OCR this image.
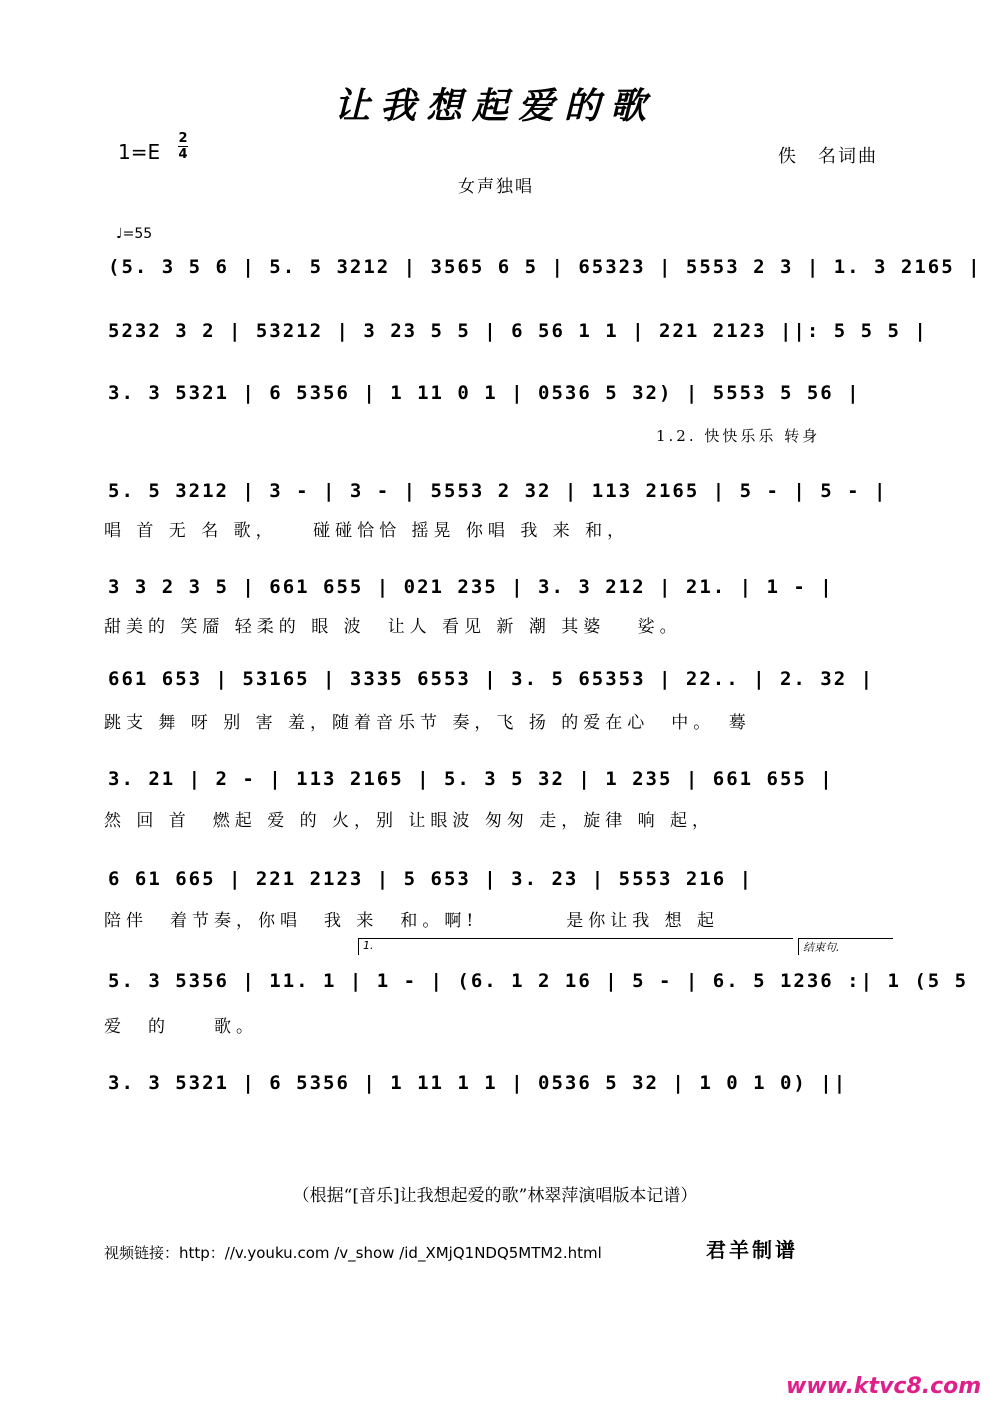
让我想起爱的歌
1=E
2
4	佚　名词曲
女声独唱
♩=55
(5. 3 5 6 | 5. 5 3212 | 3565 6 5 | 65323 | 5553 2 3 | 1. 3 2165 |
5232 3 2 | 53212 | 3 23 5 5 | 6 56 1 1 | 221 2123 ||: 5 5 5 |
3. 3 5321 | 6 5356 | 1 11 0 1 | 0536 5 32) | 5553 5 56 |
1.2. 快快乐乐 转身
5. 5 3212 | 3 - | 3 - | 5553 2 32 | 113 2165 | 5 - | 5 - |
唱 首 无 名 歌，　　碰碰恰恰 摇晃 你唱 我 来 和，
3 3 2 3 5 | 661 655 | 021 235 | 3. 3 212 | 21. | 1 - |
甜美的 笑靥 轻柔的 眼 波　让人 看见 新 潮 其婆　 娑。
661 653 | 53165 | 3335 6553 | 3. 5 65353 | 22.. | 2. 32 |
跳支 舞 呀 别 害 羞，随着音乐节 奏，飞 扬 的爱在心　中。　蓦
3. 21 | 2 - | 113 2165 | 5. 3 5 32 | 1 235 | 661 655 |
然 回 首　燃起 爱 的 火，别 让眼波 匆匆 走，旋律 响 起，
6 61 665 | 221 2123 | 5 653 | 3. 23 | 5553 216 |
陪伴　着节奏，你唱　我 来　和。啊!　　　　是你让我 想 起
1.	结束句.
5. 3 5356 | 11. 1 | 1 - | (6. 1 2 16 | 5 - | 6. 5 1236 :| 1 (5 5
爱　的　　歌。
3. 3 5321 | 6 5356 | 1 11 1 1 | 0536 5 32 | 1 0 1 0) ||
（根据“[音乐]让我想起爱的歌”林翠萍演唱版本记谱）
视频链接：http：//v.youku.com /v_show /id_XMjQ1NDQ5MTM2.html	君羊制谱
www.ktvc8.com
